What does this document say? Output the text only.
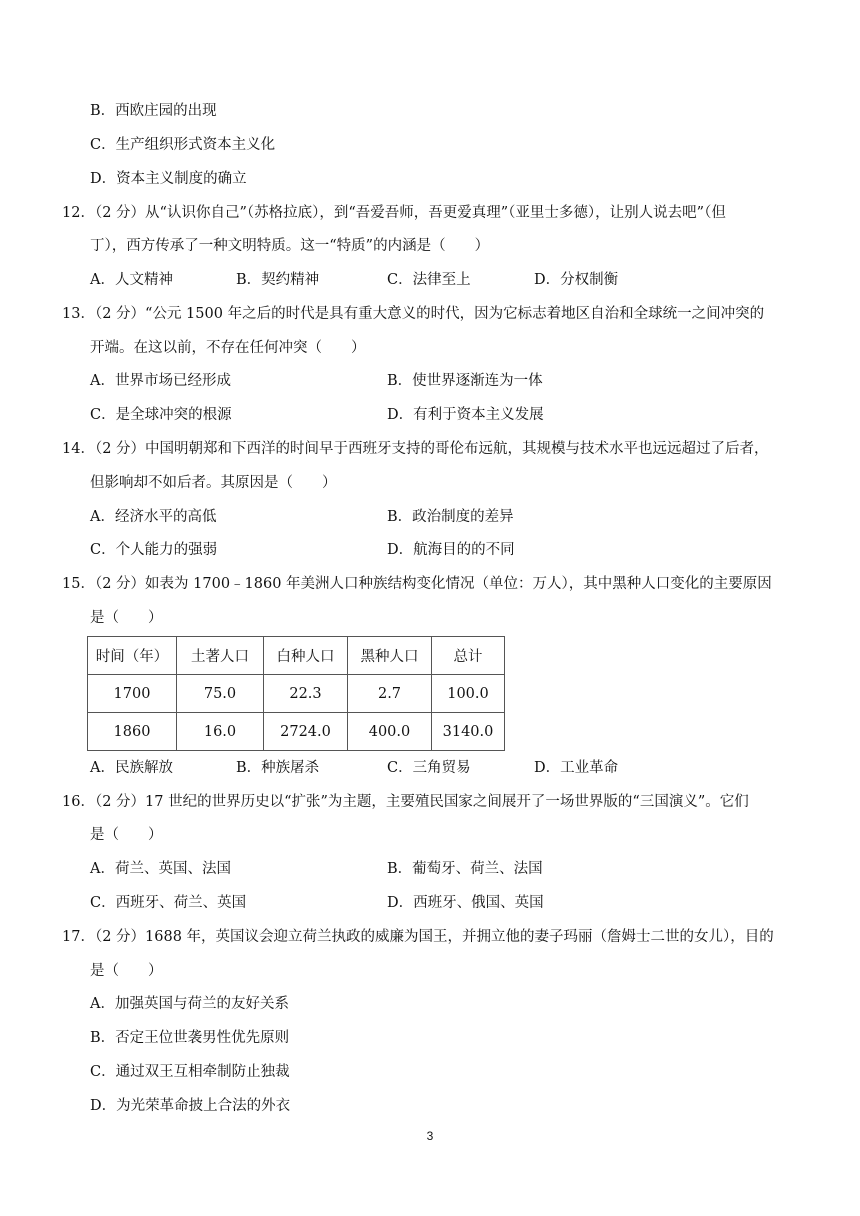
B．西欧庄园的出现
C．生产组织形式资本主义化
D．资本主义制度的确立
12．（2 分）从“认识你自己”（苏格拉底），到“吾爱吾师，吾更爱真理”（亚里士多德），让别人说去吧”（但
丁），西方传承了一种文明特质。这一“特质”的内涵是（　　）
A．人文精神	B．契约精神	C．法律至上	D．分权制衡
13．（2 分）“公元 1500 年之后的时代是具有重大意义的时代，因为它标志着地区自治和全球统一之间冲突的
开端。在这以前，不存在任何冲突（　　）
A．世界市场已经形成	B．使世界逐渐连为一体
C．是全球冲突的根源	D．有利于资本主义发展
14．（2 分）中国明朝郑和下西洋的时间早于西班牙支持的哥伦布远航，其规模与技术水平也远远超过了后者，
但影响却不如后者。其原因是（　　）
A．经济水平的高低	B．政治制度的差异
C．个人能力的强弱	D．航海目的的不同
15．（2 分）如表为 1700﹣1860 年美洲人口种族结构变化情况（单位：万人），其中黑种人口变化的主要原因
是（　　）
时间（年）	土著人口	白种人口	黑种人口	总计
1700	75.0	22.3	2.7	100.0
1860	16.0	2724.0	400.0	3140.0
A．民族解放	B．种族屠杀	C．三角贸易	D．工业革命
16．（2 分）17 世纪的世界历史以“扩张”为主题，主要殖民国家之间展开了一场世界版的“三国演义”。它们
是（　　）
A．荷兰、英国、法国	B．葡萄牙、荷兰、法国
C．西班牙、荷兰、英国	D．西班牙、俄国、英国
17．（2 分）1688 年，英国议会迎立荷兰执政的威廉为国王，并拥立他的妻子玛丽（詹姆士二世的女儿），目的
是（　　）
A．加强英国与荷兰的友好关系
B．否定王位世袭男性优先原则
C．通过双王互相牵制防止独裁
D．为光荣革命披上合法的外衣
3
